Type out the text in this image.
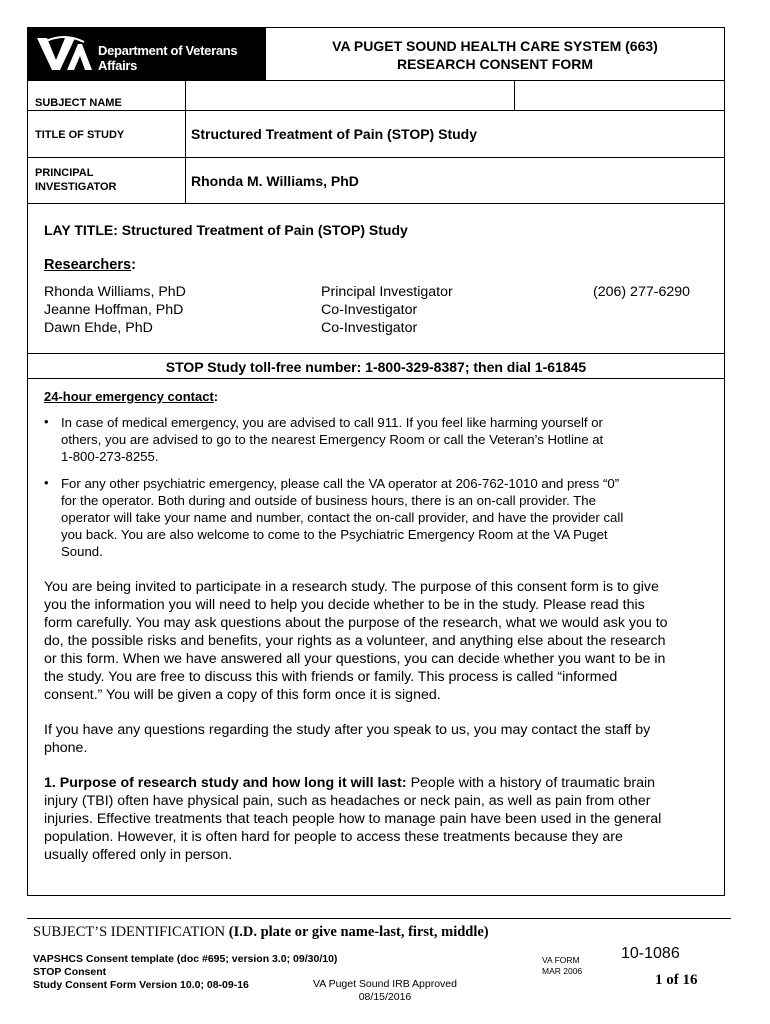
Department of Veterans Affairs
VA PUGET SOUND HEALTH CARE SYSTEM (663)
RESEARCH CONSENT FORM
SUBJECT NAME
TITLE OF STUDY	Structured Treatment of Pain (STOP) Study
PRINCIPAL
INVESTIGATOR	Rhonda M. Williams, PhD
LAY TITLE: Structured Treatment of Pain (STOP) Study
Researchers:
Rhonda Williams, PhD	Principal Investigator	(206) 277-6290
Jeanne Hoffman, PhD	Co-Investigator
Dawn Ehde, PhD	Co-Investigator
STOP Study toll-free number: 1-800-329-8387; then dial 1-61845
24-hour emergency contact:
• In case of medical emergency, you are advised to call 911. If you feel like harming yourself or
others, you are advised to go to the nearest Emergency Room or call the Veteran’s Hotline at
1-800-273-8255.
• For any other psychiatric emergency, please call the VA operator at 206-762-1010 and press “0”
for the operator. Both during and outside of business hours, there is an on-call provider. The
operator will take your name and number, contact the on-call provider, and have the provider call
you back. You are also welcome to come to the Psychiatric Emergency Room at the VA Puget
Sound.
You are being invited to participate in a research study. The purpose of this consent form is to give
you the information you will need to help you decide whether to be in the study. Please read this
form carefully. You may ask questions about the purpose of the research, what we would ask you to
do, the possible risks and benefits, your rights as a volunteer, and anything else about the research
or this form. When we have answered all your questions, you can decide whether you want to be in
the study. You are free to discuss this with friends or family. This process is called “informed
consent.” You will be given a copy of this form once it is signed.
If you have any questions regarding the study after you speak to us, you may contact the staff by
phone.
1. Purpose of research study and how long it will last: People with a history of traumatic brain
injury (TBI) often have physical pain, such as headaches or neck pain, as well as pain from other
injuries. Effective treatments that teach people how to manage pain have been used in the general
population. However, it is often hard for people to access these treatments because they are
usually offered only in person.
SUBJECT’S IDENTIFICATION (I.D. plate or give name-last, first, middle)
VAPSHCS Consent template (doc #695; version 3.0; 09/30/10)
STOP Consent
Study Consent Form Version 10.0; 08-09-16	VA Puget Sound IRB Approved
08/15/2016
VA FORM
MAR 2006
10-1086
1 of 16
